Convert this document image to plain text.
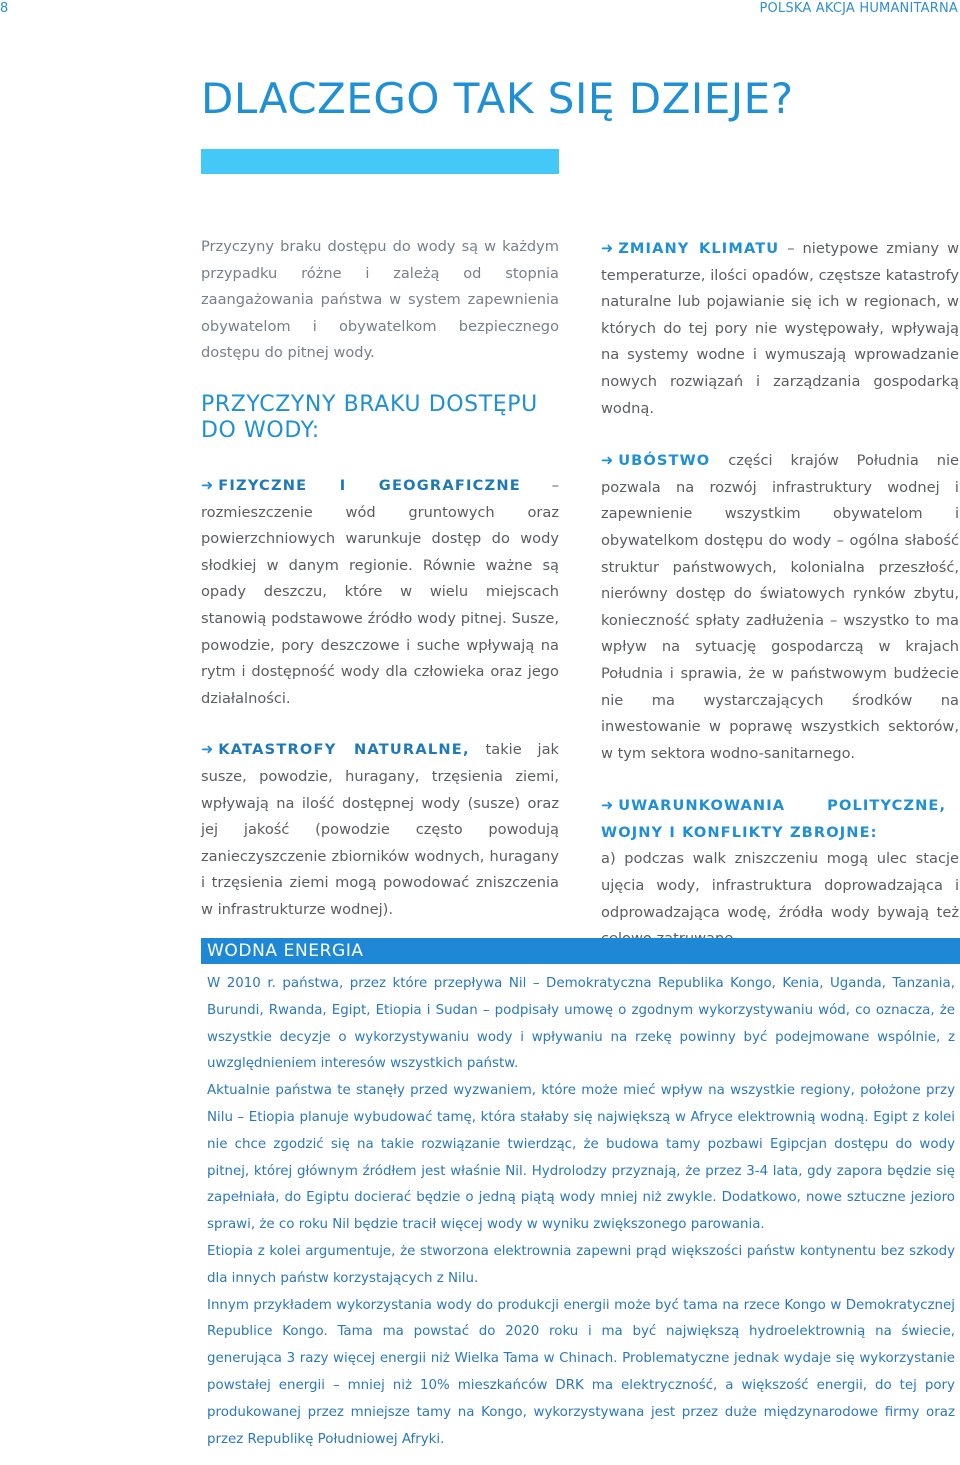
8	POLSKA AKCJA HUMANITARNA
DLACZEGO TAK SIĘ DZIEJE?
Przyczyny braku dostępu do wody są w każdym przypadku różne i zależą od stopnia zaangażowania państwa w system zapewnienia obywatelom i obywatelkom bezpiecznego dostępu do pitnej wody.
PRZYCZYNY BRAKU DOSTĘPU DO WODY:

➜ FIZYCZNE I GEOGRAFICZNE – rozmieszczenie wód gruntowych oraz powierzchniowych warunkuje dostęp do wody słodkiej w danym regionie. Równie ważne są opady deszczu, które w wielu miejscach stanowią podstawowe źródło wody pitnej. Susze, powodzie, pory deszczowe i suche wpływają na rytm i dostępność wody dla człowieka oraz jego działalności.

➜ KATASTROFY NATURALNE, takie jak susze, powodzie, huragany, trzęsienia ziemi, wpływają na ilość dostępnej wody (susze) oraz jej jakość (powodzie często powodują zanieczyszczenie zbiorników wodnych, huragany i trzęsienia ziemi mogą powodować zniszczenia w infrastrukturze wodnej).

➜ ZMIANY KLIMATU – nietypowe zmiany w temperaturze, ilości opadów, częstsze katastrofy naturalne lub pojawianie się ich w regionach, w których do tej pory nie występowały, wpływają na systemy wodne i wymuszają wprowadzanie nowych rozwiązań i zarządzania gospodarką wodną.

➜ UBÓSTWO części krajów Południa nie pozwala na rozwój infrastruktury wodnej i zapewnienie wszystkim obywatelom i obywatelkom dostępu do wody – ogólna słabość struktur państwowych, kolonialna przeszłość, nierówny dostęp do światowych rynków zbytu, konieczność spłaty zadłużenia – wszystko to ma wpływ na sytuację gospodarczą w krajach Południa i sprawia, że w państwowym budżecie nie ma wystarczających środków na inwestowanie w poprawę wszystkich sektorów, w tym sektora wodno-sanitarnego.

➜ UWARUNKOWANIA	POLITYCZNE,
WOJNY I KONFLIKTY ZBROJNE:
a) podczas walk zniszczeniu mogą ulec stacje ujęcia wody, infrastruktura doprowadzająca i odprowadzająca wodę, źródła wody bywają też

WODNA ENERGIA

W 2010 r. państwa, przez które przepływa Nil – Demokratyczna Republika Kongo, Kenia, Uganda, Tanzania, Burundi, Rwanda, Egipt, Etiopia i Sudan – podpisały umowę o zgodnym wykorzystywaniu wód, co oznacza, że wszystkie decyzje o wykorzystywaniu wody i wpływaniu na rzekę powinny być podejmowane wspólnie, z uwzględnieniem interesów wszystkich państw.

Aktualnie państwa te stanęły przed wyzwaniem, które może mieć wpływ na wszystkie regiony, położone przy Nilu – Etiopia planuje wybudować tamę, która stałaby się największą w Afryce elektrownią wodną. Egipt z kolei nie chce zgodzić się na takie rozwiązanie twierdząc, że budowa tamy pozbawi Egipcjan dostępu do wody pitnej, której głównym źródłem jest właśnie Nil. Hydrolodzy przyznają, że przez 3-4 lata, gdy zapora będzie się zapełniała, do Egiptu docierać będzie o jedną piątą wody mniej niż zwykle. Dodatkowo, nowe sztuczne jezioro sprawi, że co roku Nil będzie tracił więcej wody w wyniku zwiększonego parowania.

Etiopia z kolei argumentuje, że stworzona elektrownia zapewni prąd większości państw kontynentu bez szkody dla innych państw korzystających z Nilu.

Innym przykładem wykorzystania wody do produkcji energii może być tama na rzece Kongo w Demokratycznej Republice Kongo. Tama ma powstać do 2020 roku i ma być największą hydroelektrownią na świecie, generująca 3 razy więcej energii niż Wielka Tama w Chinach. Problematyczne jednak wydaje się wykorzystanie powstałej energii – mniej niż 10% mieszkańców DRK ma elektryczność, a większość energii, do tej pory produkowanej przez mniejsze tamy na Kongo, wykorzystywana jest przez duże międzynarodowe firmy oraz przez Republikę Południowej Afryki.
